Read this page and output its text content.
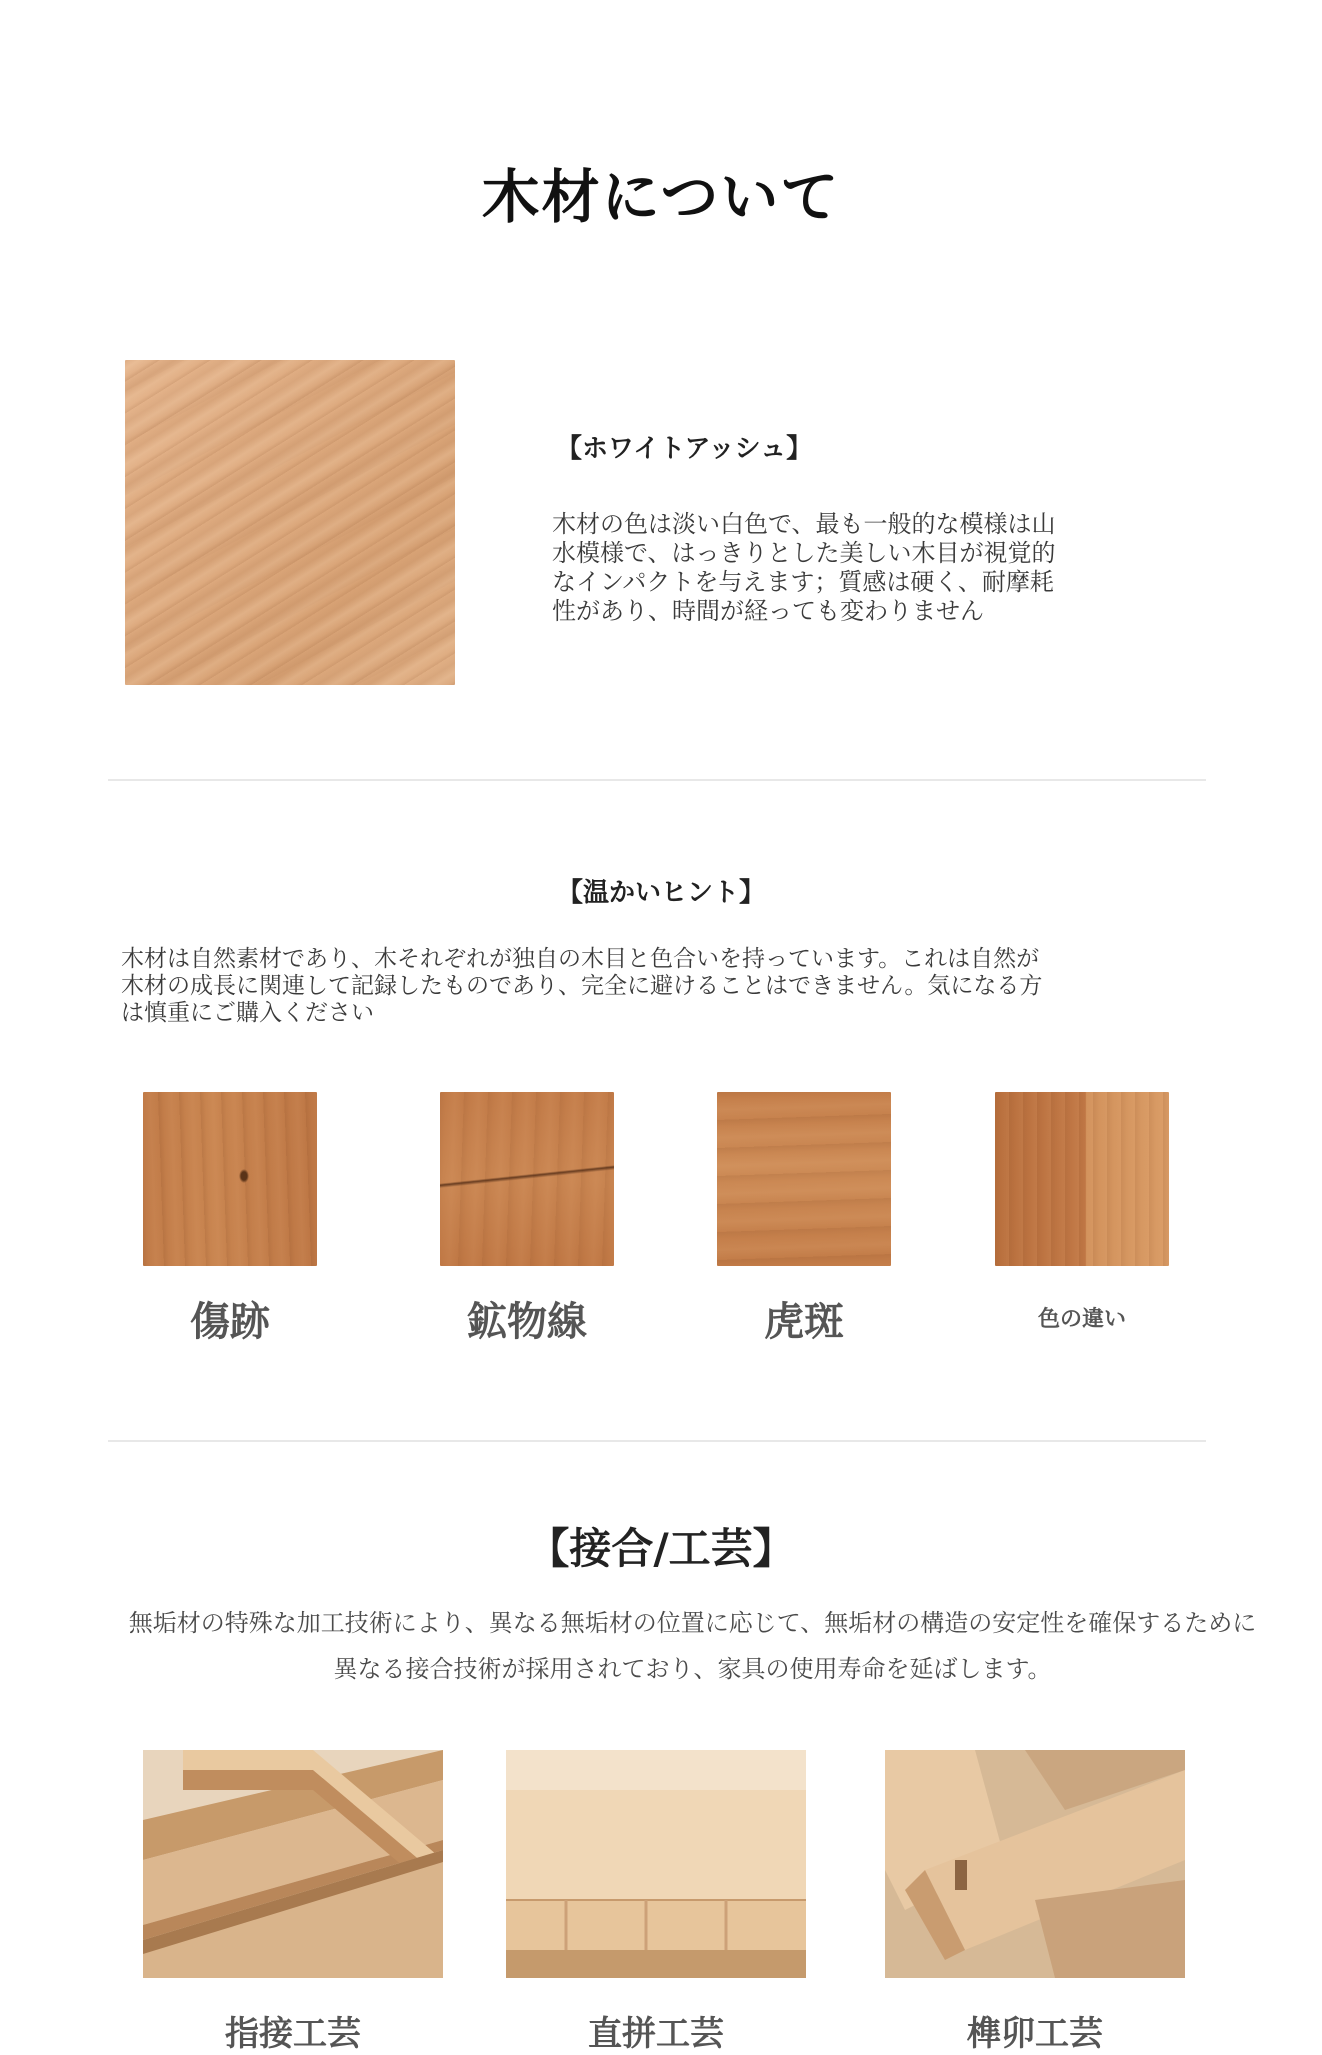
木材について
【ホワイトアッシュ】
木材の色は淡い白色で、最も一般的な模様は山
水模様で、はっきりとした美しい木目が視覚的
なインパクトを与えます；質感は硬く、耐摩耗
性があり、時間が経っても変わりません
【温かいヒント】
木材は自然素材であり、木それぞれが独自の木目と色合いを持っています。これは自然が
木材の成長に関連して記録したものであり、完全に避けることはできません。気になる方
は慎重にご購入ください
傷跡	鉱物線	虎斑	色の違い
【接合/工芸】
無垢材の特殊な加工技術により、異なる無垢材の位置に応じて、無垢材の構造の安定性を確保するために
異なる接合技術が採用されており、家具の使用寿命を延ばします。
指接工芸	直拼工芸	榫卯工芸
